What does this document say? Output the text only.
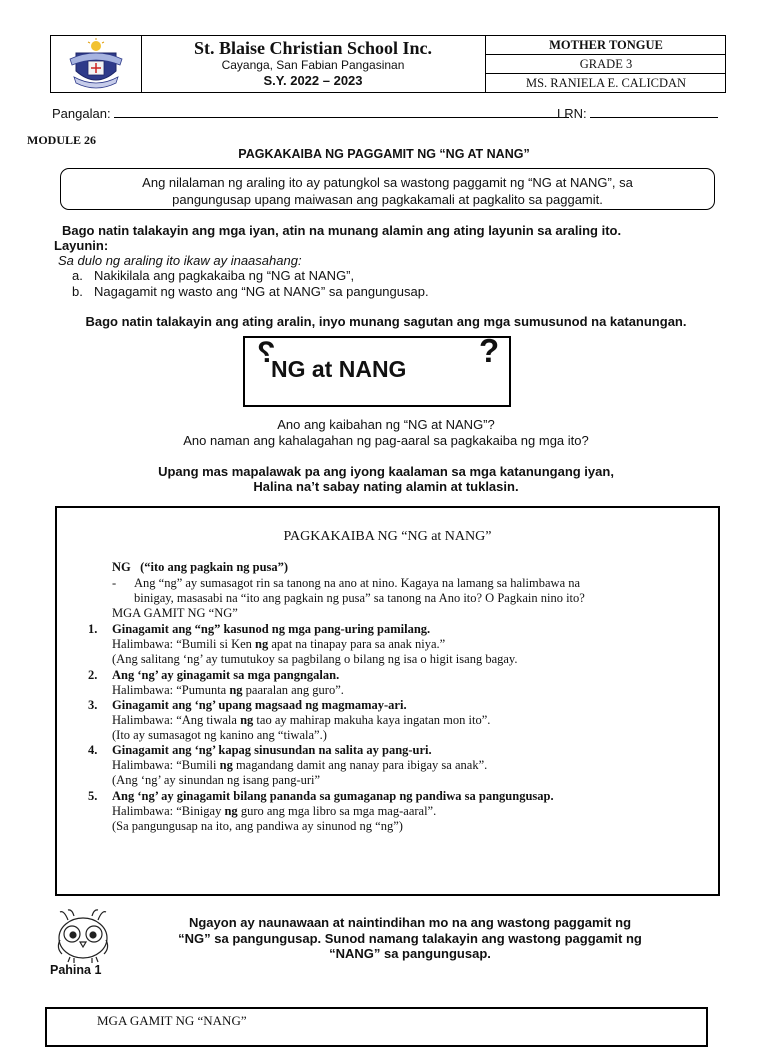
St. Blaise Christian School Inc.
Cayanga, San Fabian Pangasinan
S.Y. 2022 – 2023
MOTHER TONGUE
GRADE 3
MS. RANIELA E. CALICDAN
Pangalan:	LRN:
MODULE 26
PAGKAKAIBA NG PAGGAMIT NG “NG AT NANG”
Ang nilalaman ng araling ito ay patungkol sa wastong paggamit ng “NG at NANG”, sa
pangungusap upang maiwasan ang pagkakamali at pagkalito sa paggamit.
Bago natin talakayin ang mga iyan, atin na munang alamin ang ating layunin sa araling ito.
Layunin:
Sa dulo ng araling ito ikaw ay inaasahang:
a. Nakikilala ang pagkakaiba ng “NG at NANG”,
b. Nagagamit ng wasto ang “NG at NANG” sa pangungusap.
Bago natin talakayin ang ating aralin, inyo munang sagutan ang mga sumusunod na katanungan.
?
NG at NANG ?
Ano ang kaibahan ng “NG at NANG”?
Ano naman ang kahalagahan ng pag-aaral sa pagkakaiba ng mga ito?
Upang mas mapalawak pa ang iyong kaalaman sa mga katanungang iyan,
Halina na’t sabay nating alamin at tuklasin.
PAGKAKAIBA NG “NG at NANG”
NG (“ito ang pagkain ng pusa”)
- Ang “ng” ay sumasagot rin sa tanong na ano at nino. Kagaya na lamang sa halimbawa na
binigay, masasabi na “ito ang pagkain ng pusa” sa tanong na Ano ito? O Pagkain nino ito?
MGA GAMIT NG “NG”
1. Ginagamit ang “ng” kasunod ng mga pang-uring pamilang.
Halimbawa: “Bumili si Ken ng apat na tinapay para sa anak niya.”
(Ang salitang ‘ng’ ay tumutukoy sa pagbilang o bilang ng isa o higit isang bagay.
2. Ang ‘ng’ ay ginagamit sa mga pangngalan.
Halimbawa: “Pumunta ng paaralan ang guro”.
3. Ginagamit ang ‘ng’ upang magsaad ng magmamay-ari.
Halimbawa: “Ang tiwala ng tao ay mahirap makuha kaya ingatan mon ito”.
(Ito ay sumasagot ng kanino ang “tiwala”.)
4. Ginagamit ang ‘ng’ kapag sinusundan na salita ay pang-uri.
Halimbawa: “Bumili ng magandang damit ang nanay para ibigay sa anak”.
(Ang ‘ng’ ay sinundan ng isang pang-uri”
5. Ang ‘ng’ ay ginagamit bilang pananda sa gumaganap ng pandiwa sa pangungusap.
Halimbawa: “Binigay ng guro ang mga libro sa mga mag-aaral”.
(Sa pangungusap na ito, ang pandiwa ay sinunod ng “ng”)
Ngayon ay naunawaan at naintindihan mo na ang wastong paggamit ng
“NG” sa pangungusap. Sunod namang talakayin ang wastong paggamit ng
“NANG” sa pangungusap.
Pahina 1
MGA GAMIT NG “NANG”
